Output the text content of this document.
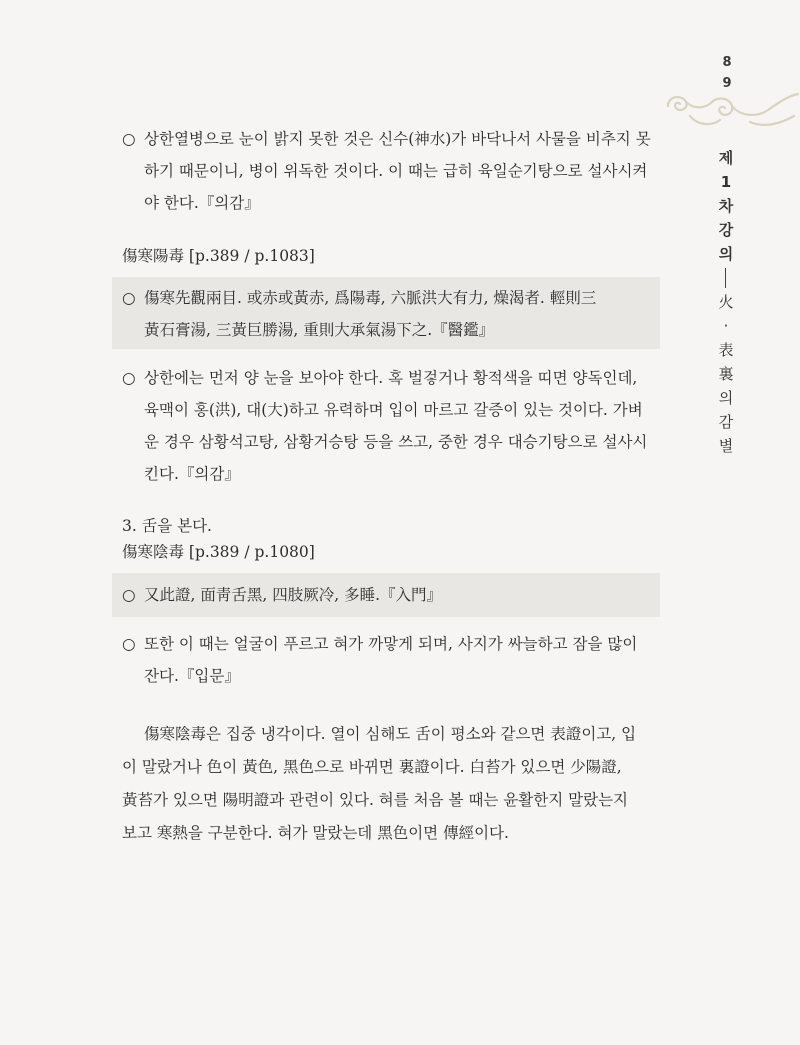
8
9
제
1
차
강
의
火
·
表
裏
의
감
별
○ 상한열병으로 눈이 밝지 못한 것은 신수(神水)가 바닥나서 사물을 비추지 못
하기 때문이니, 병이 위독한 것이다. 이 때는 급히 육일순기탕으로 설사시켜
야 한다.『의감』
傷寒陽毒 [p.389 / p.1083]
○ 傷寒先觀兩目. 或赤或黃赤, 爲陽毒, 六脈洪大有力, 燥渴者. 輕則三
黃石膏湯, 三黃巨勝湯, 重則大承氣湯下之.『醫鑑』
○ 상한에는 먼저 양 눈을 보아야 한다. 혹 벌겋거나 황적색을 띠면 양독인데,
육맥이 홍(洪), 대(大)하고 유력하며 입이 마르고 갈증이 있는 것이다. 가벼
운 경우 삼황석고탕, 삼황거승탕 등을 쓰고, 중한 경우 대승기탕으로 설사시
킨다.『의감』
3. 舌을 본다.
傷寒陰毒 [p.389 / p.1080]
○ 又此證, 面靑舌黑, 四肢厥冷, 多睡.『入門』
○ 또한 이 때는 얼굴이 푸르고 혀가 까맣게 되며, 사지가 싸늘하고 잠을 많이
잔다.『입문』
傷寒陰毒은 집중 냉각이다. 열이 심해도 舌이 평소와 같으면 表證이고, 입
이 말랐거나 色이 黃色, 黑色으로 바뀌면 裏證이다. 白苔가 있으면 少陽證,
黃苔가 있으면 陽明證과 관련이 있다. 혀를 처음 볼 때는 윤활한지 말랐는지
보고 寒熱을 구분한다. 혀가 말랐는데 黑色이면 傳經이다.
